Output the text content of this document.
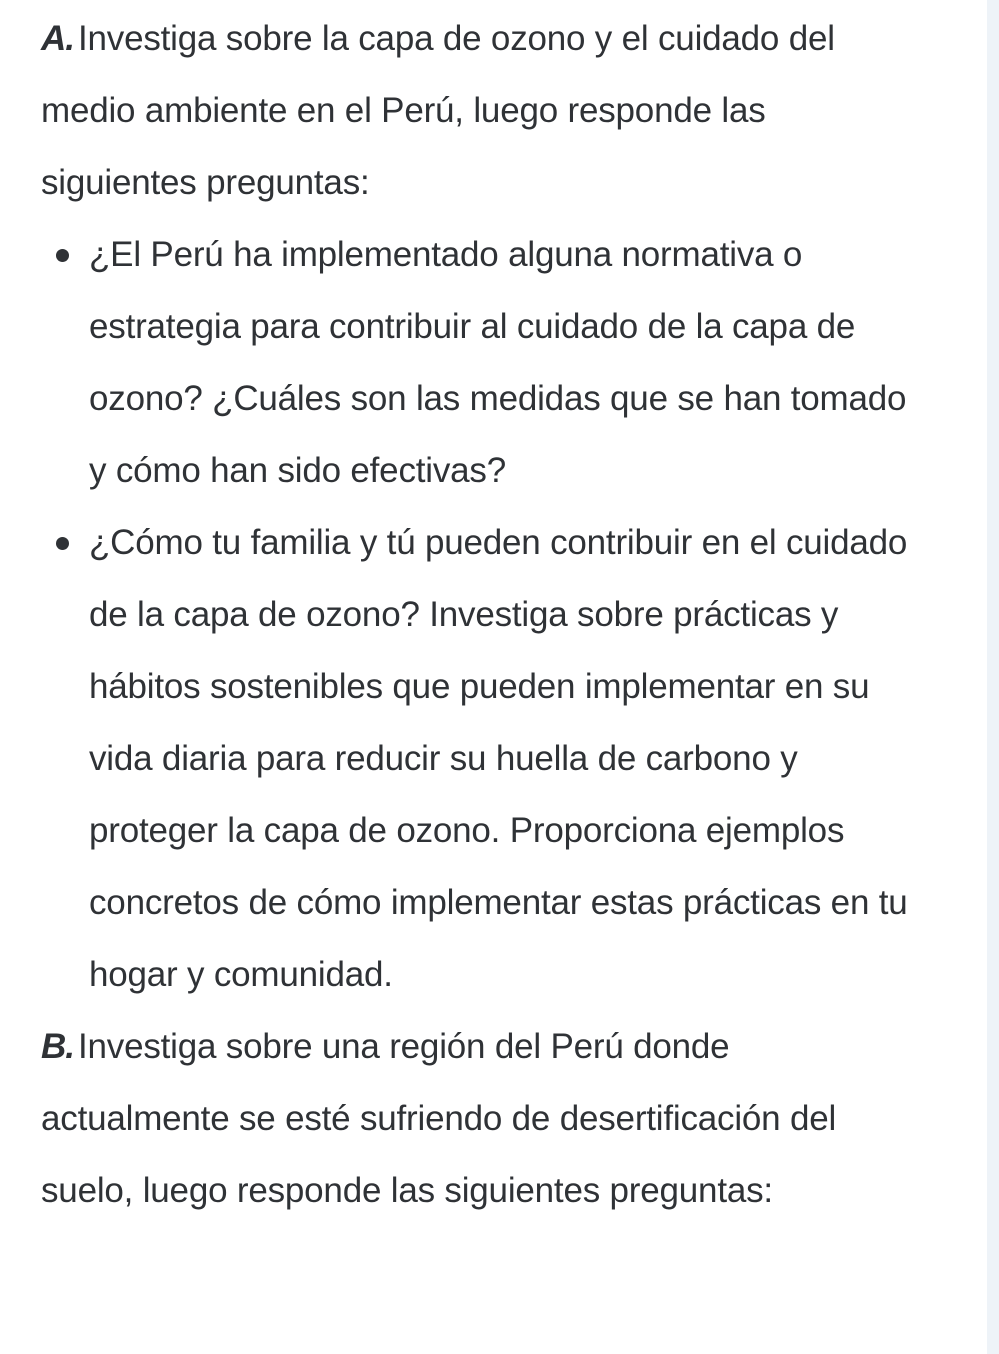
A. Investiga sobre la capa de ozono y el cuidado del medio ambiente en el Perú, luego responde las siguientes preguntas:

¿El Perú ha implementado alguna normativa o estrategia para contribuir al cuidado de la capa de ozono? ¿Cuáles son las medidas que se han tomado y cómo han sido efectivas?
¿Cómo tu familia y tú pueden contribuir en el cuidado de la capa de ozono? Investiga sobre prácticas y hábitos sostenibles que pueden implementar en su vida diaria para reducir su huella de carbono y proteger la capa de ozono. Proporciona ejemplos concretos de cómo implementar estas prácticas en tu hogar y comunidad.

B. Investiga sobre una región del Perú donde actualmente se esté sufriendo de desertificación del suelo, luego responde las siguientes preguntas:
